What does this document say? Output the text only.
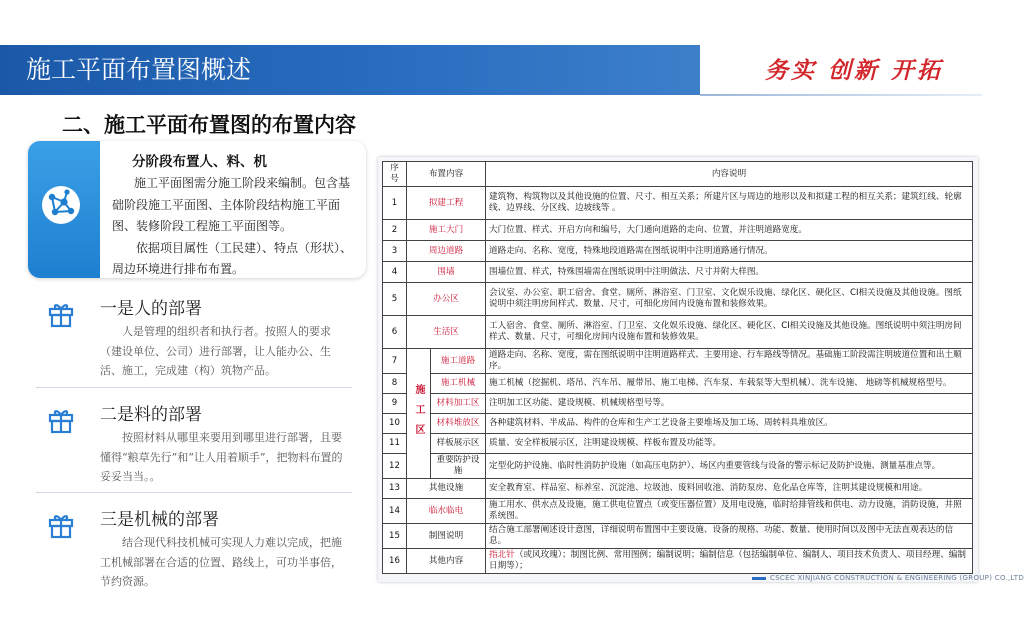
施工平面布置图概述	务实 创新 开拓
二、施工平面布置图的布置内容
分阶段布置人、料、机

施工平面图需分施工阶段来编制。包含基础阶段施工平面图、主体阶段结构施工平面图、装修阶段工程施工平面图等。

依据项目属性（工民建）、特点（形状）、周边环境进行排布布置。

一是人的部署
人是管理的组织者和执行者。按照人的要求（建设单位、公司）进行部署，让人能办公、生活、施工，完成建（构）筑物产品。
二是料的部署
按照材料从哪里来要用到哪里进行部署，且要懂得“粮草先行”和“让人用着顺手”，把物料布置的妥妥当当。。
三是机械的部署
结合现代科技机械可实现人力难以完成，把施工机械部署在合适的位置、路线上，可功半事倍，节约资源。
序号	布置内容		内容说明
1	拟建工程		建筑物、构筑物以及其他设施的位置、尺寸、相互关系；所建片区与周边的地形以及和拟建工程的相互关系；建筑红线、轮廓线、边界线、分区线、边坡线等 。
2	施工大门		大门位置、样式、开启方向和编号，大门通向道路的走向、位置，并注明道路宽度。
3	周边道路		道路走向、名称、宽度，特殊地段道路需在图纸说明中注明道路通行情况。
4	围墙		围墙位置、样式，特殊围墙需在图纸说明中注明做法、尺寸并附大样图。
5	办公区		会议室、办公室、职工宿舍、食堂、厕所、淋浴室、门卫室、文化娱乐设施、绿化区、硬化区、CI相关设施及其他设施。图纸说明中须注明房间样式、数量、尺寸，可细化房间内设施布置和装修效果。
6	生活区		工人宿舍、食堂、厕所、淋浴室、门卫室、文化娱乐设施、绿化区、硬化区、CI相关设施及其他设施。图纸说明中须注明房间样式、数量、尺寸，可细化房间内设施布置和装修效果。
7	施工区	施工道路	道路走向、名称、宽度，需在图纸说明中注明道路样式、主要用途、行车路线等情况。基础施工阶段需注明坡道位置和出土顺序。
8		施工机械	施工机械（挖掘机、塔吊、汽车吊、履带吊、施工电梯、汽车泵、车载泵等大型机械）、洗车设施、 地磅等机械规格型号。
9		材料加工区	注明加工区功能、建设规模、机械规格型号等。
10		材料堆放区	各种建筑材料、半成品、构件的仓库和生产工艺设备主要堆场及加工场、周转料具堆放区。
11		样板展示区	质量、安全样板展示区，注明建设规模、样板布置及功能等。
12		重要防护设施	定型化防护设施、临时性消防护设施（如高压电防护）、场区内重要管线与设备的警示标记及防护设施、测量基准点等。
13	其他设施		安全教育室、样品室、标养室、沉淀池、垃圾池、废料回收池、消防泵房、危化品仓库等，注明其建设规模和用途。
14	临水临电		施工用水、供水点及设施，施工供电位置点（或变压器位置）及用电设施，临时给排管线和供电、动力设施，消防设施，井照系统图。
15	制图说明		结合施工部署阐述设计意图，详细说明布置图中主要设施、设备的规格、功能、数量、使用时间以及图中无法直观表达的信息。
16	其他内容		指北针（或风玫瑰）；制图比例、常用图例；编制说明；编制信息（包括编制单位、编制人、项目技术负责人、项目经理、编制日期等）；
CSCEC XINJIANG CONSTRUCTION & ENGINEERING (GROUP) CO.,LTD
